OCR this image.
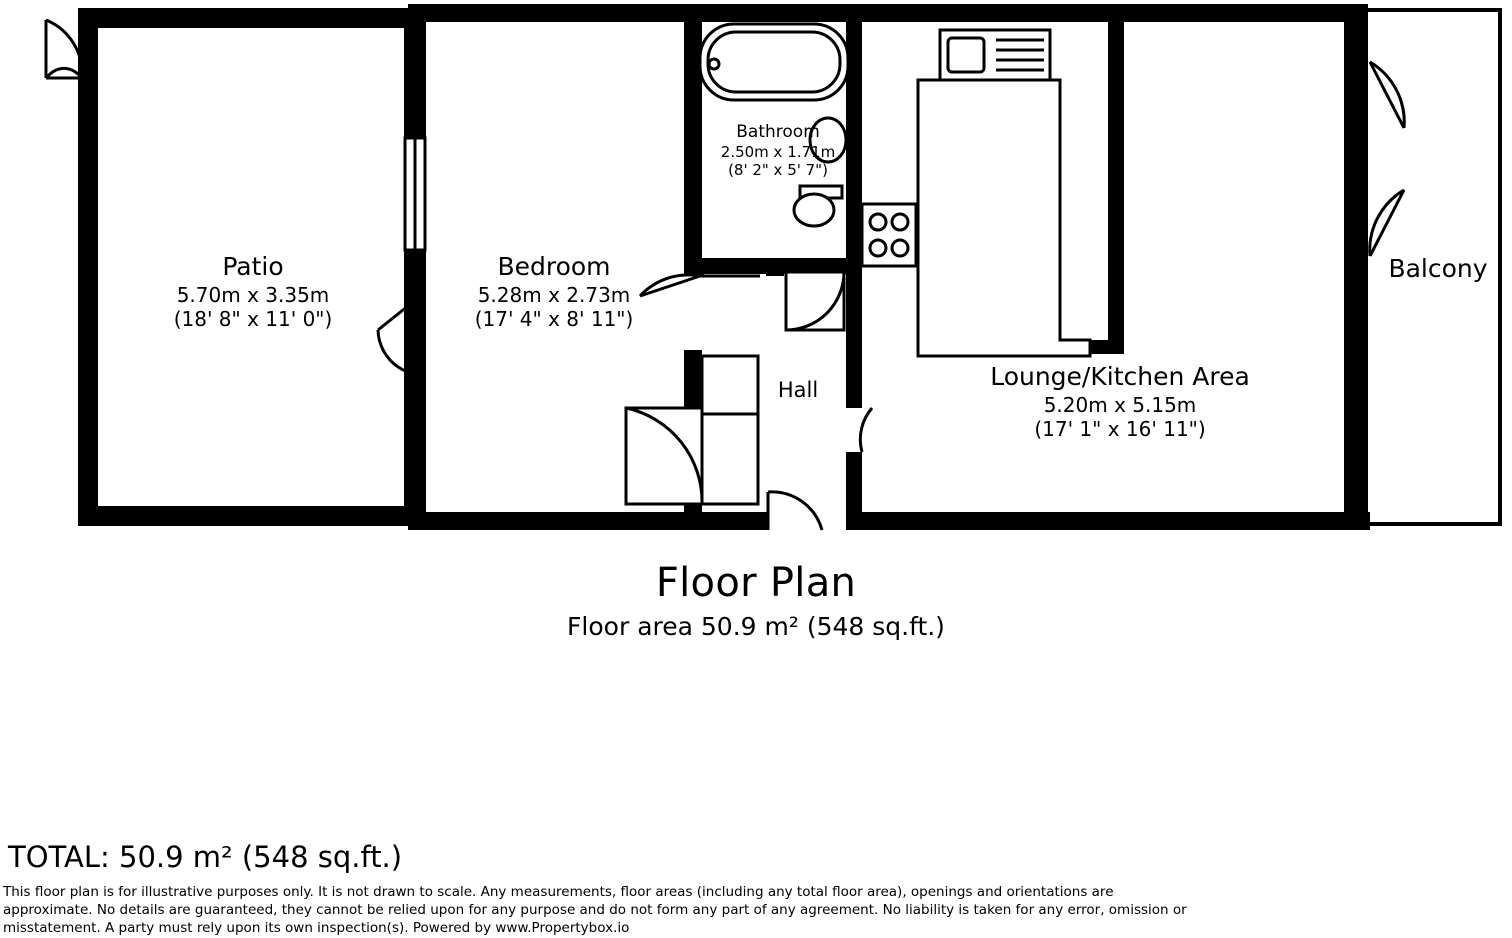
Patio
5.70m x 3.35m
(18' 8" x 11' 0")
Bedroom
5.28m x 2.73m
(17' 4" x 8' 11")
Bathroom
2.50m x 1.71m
(8' 2" x 5' 7")
Hall	Lounge/Kitchen Area
5.20m x 5.15m
(17' 1" x 16' 11")
Balcony
Floor Plan
Floor area 50.9 m² (548 sq.ft.)
TOTAL: 50.9 m² (548 sq.ft.)
This floor plan is for illustrative purposes only. It is not drawn to scale. Any measurements, floor areas (including any total floor area), openings and orientations are approximate. No details are guaranteed, they cannot be relied upon for any purpose and do not form any part of any agreement. No liability is taken for any error, omission or misstatement. A party must rely upon its own inspection(s). Powered by www.Propertybox.io
